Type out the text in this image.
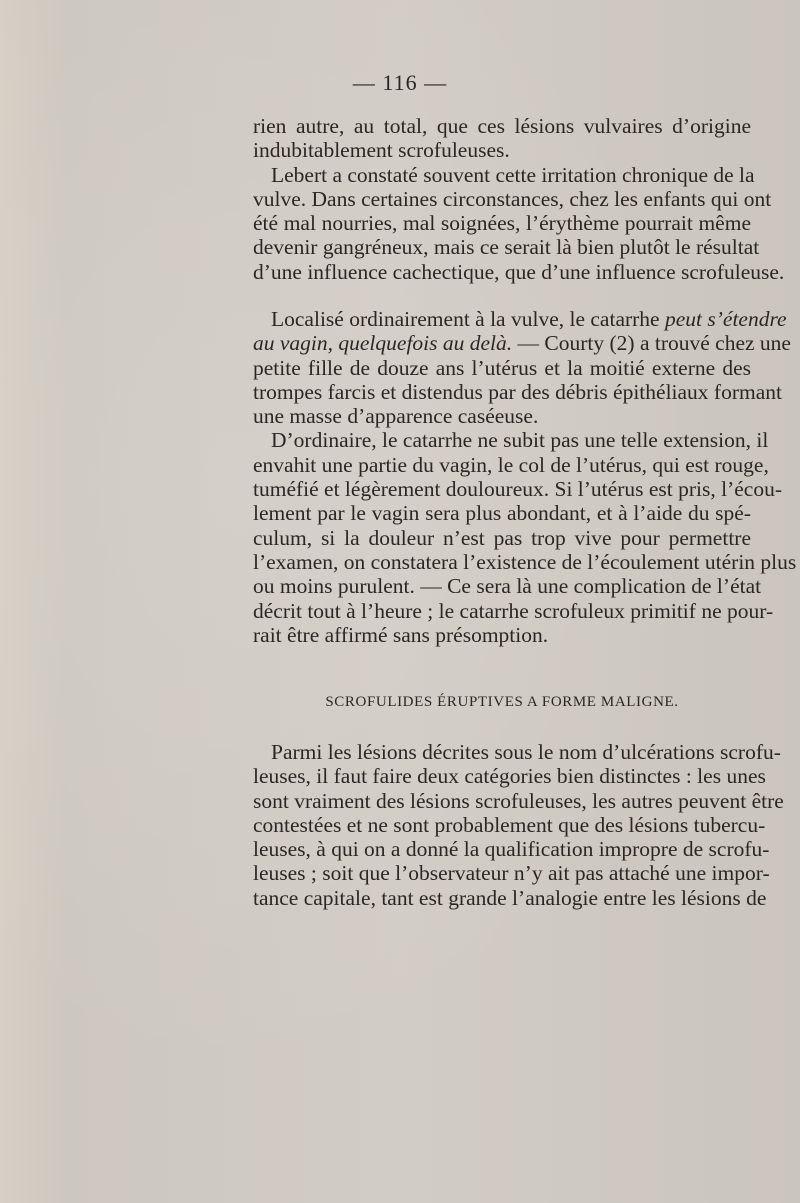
— 116 —
rien autre, au total, que ces lésions vulvaires d’origine
indubitablement scrofuleuses.
Lebert a constaté souvent cette irritation chronique de la
vulve. Dans certaines circonstances, chez les enfants qui ont
été mal nourries, mal soignées, l’érythème pourrait même
devenir gangréneux, mais ce serait là bien plutôt le résultat
d’une influence cachectique, que d’une influence scrofuleuse.
Localisé ordinairement à la vulve, le catarrhe peut s’étendre
au vagin, quelquefois au delà. — Courty (2) a trouvé chez une
petite fille de douze ans l’utérus et la moitié externe des
trompes farcis et distendus par des débris épithéliaux formant
une masse d’apparence caséeuse.
D’ordinaire, le catarrhe ne subit pas une telle extension, il
envahit une partie du vagin, le col de l’utérus, qui est rouge,
tuméfié et légèrement douloureux. Si l’utérus est pris, l’écou-
lement par le vagin sera plus abondant, et à l’aide du spé-
culum, si la douleur n’est pas trop vive pour permettre
l’examen, on constatera l’existence de l’écoulement utérin plus
ou moins purulent. — Ce sera là une complication de l’état
décrit tout à l’heure ; le catarrhe scrofuleux primitif ne pour-
rait être affirmé sans présomption.
SCROFULIDES ÉRUPTIVES A FORME MALIGNE.
Parmi les lésions décrites sous le nom d’ulcérations scrofu-
leuses, il faut faire deux catégories bien distinctes : les unes
sont vraiment des lésions scrofuleuses, les autres peuvent être
contestées et ne sont probablement que des lésions tubercu-
leuses, à qui on a donné la qualification impropre de scrofu-
leuses ; soit que l’observateur n’y ait pas attaché une impor-
tance capitale, tant est grande l’analogie entre les lésions de
